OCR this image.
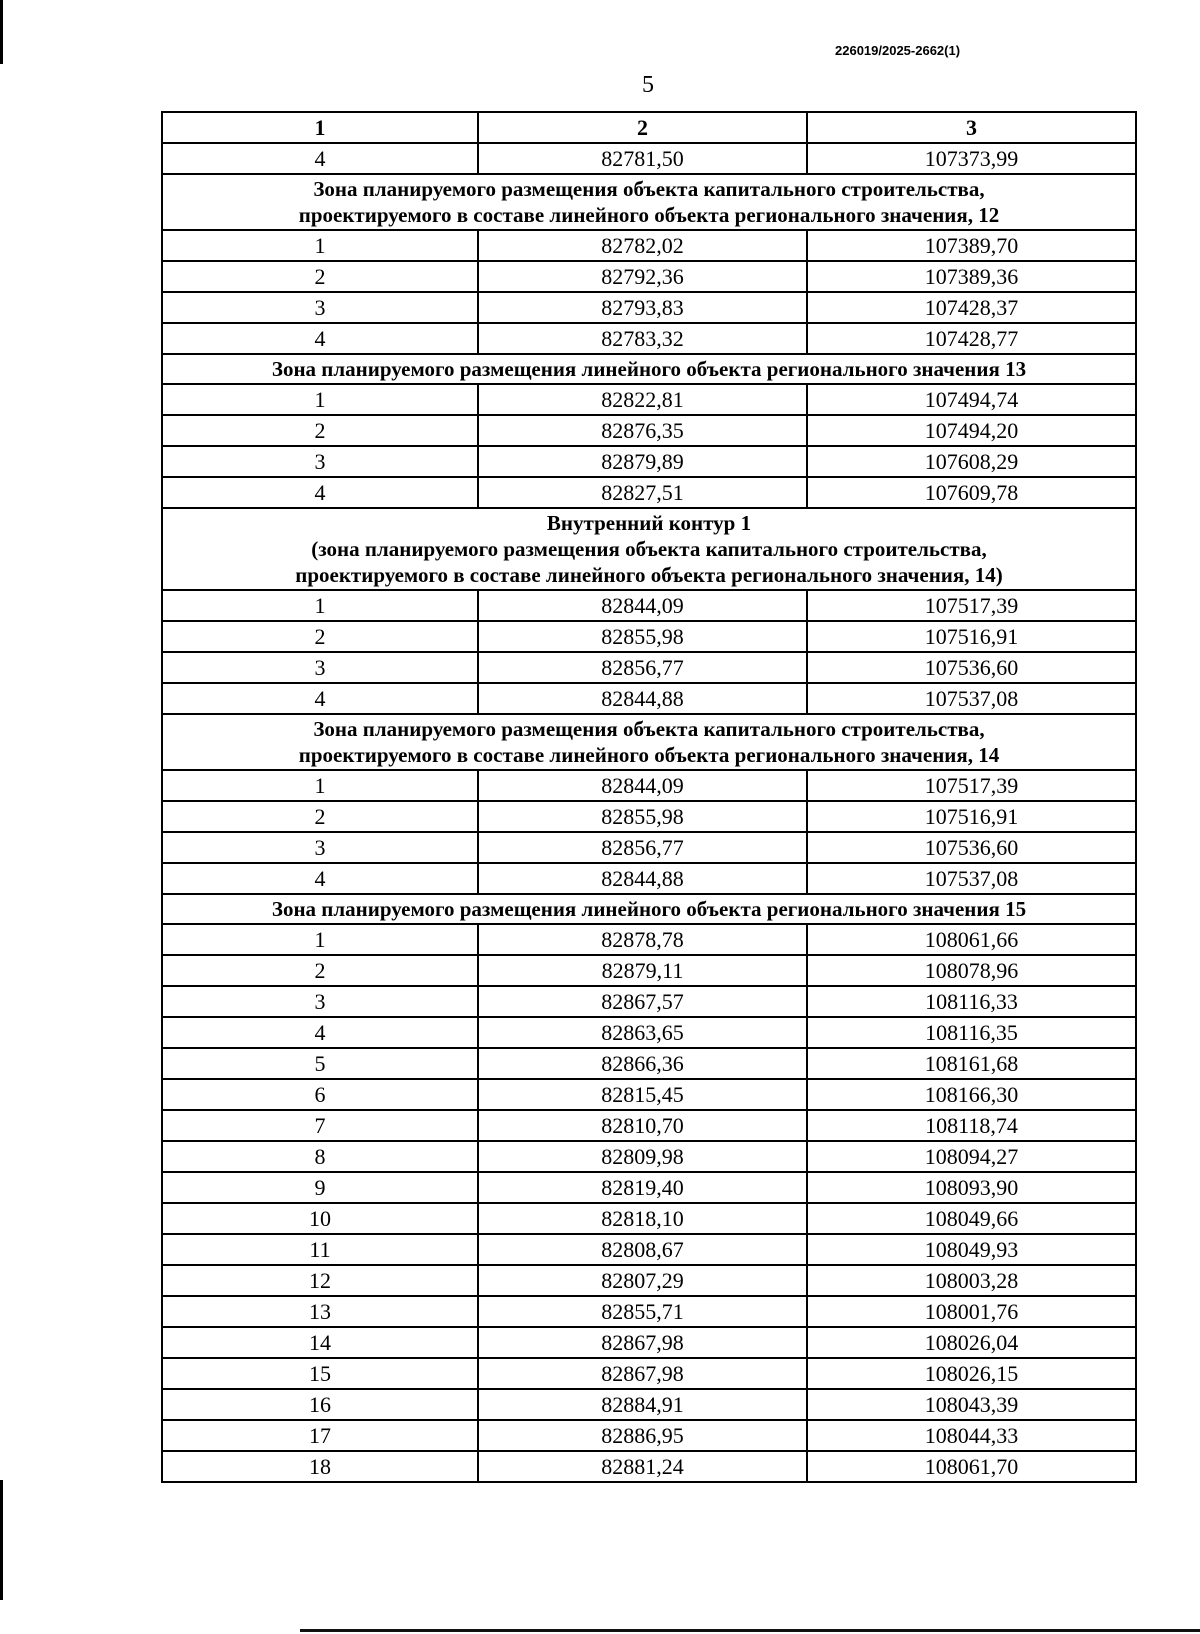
226019/2025-2662(1)
5
1	2	3
4	82781,50	107373,99

Зона планируемого размещения объекта капитального строительства,
проектируемого в составе линейного объекта регионального значения, 12		

1	82782,02	107389,70
2	82792,36	107389,36
3	82793,83	107428,37
4	82783,32	107428,77

Зона планируемого размещения линейного объекта регионального значения 13		

1	82822,81	107494,74
2	82876,35	107494,20
3	82879,89	107608,29
4	82827,51	107609,78

Внутренний контур 1
(зона планируемого размещения объекта капитального строительства,
проектируемого в составе линейного объекта регионального значения, 14)		

1	82844,09	107517,39
2	82855,98	107516,91
3	82856,77	107536,60
4	82844,88	107537,08

Зона планируемого размещения объекта капитального строительства,
проектируемого в составе линейного объекта регионального значения, 14		

1	82844,09	107517,39
2	82855,98	107516,91
3	82856,77	107536,60
4	82844,88	107537,08

Зона планируемого размещения линейного объекта регионального значения 15		

1	82878,78	108061,66
2	82879,11	108078,96
3	82867,57	108116,33
4	82863,65	108116,35
5	82866,36	108161,68
6	82815,45	108166,30
7	82810,70	108118,74
8	82809,98	108094,27
9	82819,40	108093,90
10	82818,10	108049,66
11	82808,67	108049,93
12	82807,29	108003,28
13	82855,71	108001,76
14	82867,98	108026,04
15	82867,98	108026,15
16	82884,91	108043,39
17	82886,95	108044,33
18	82881,24	108061,70
